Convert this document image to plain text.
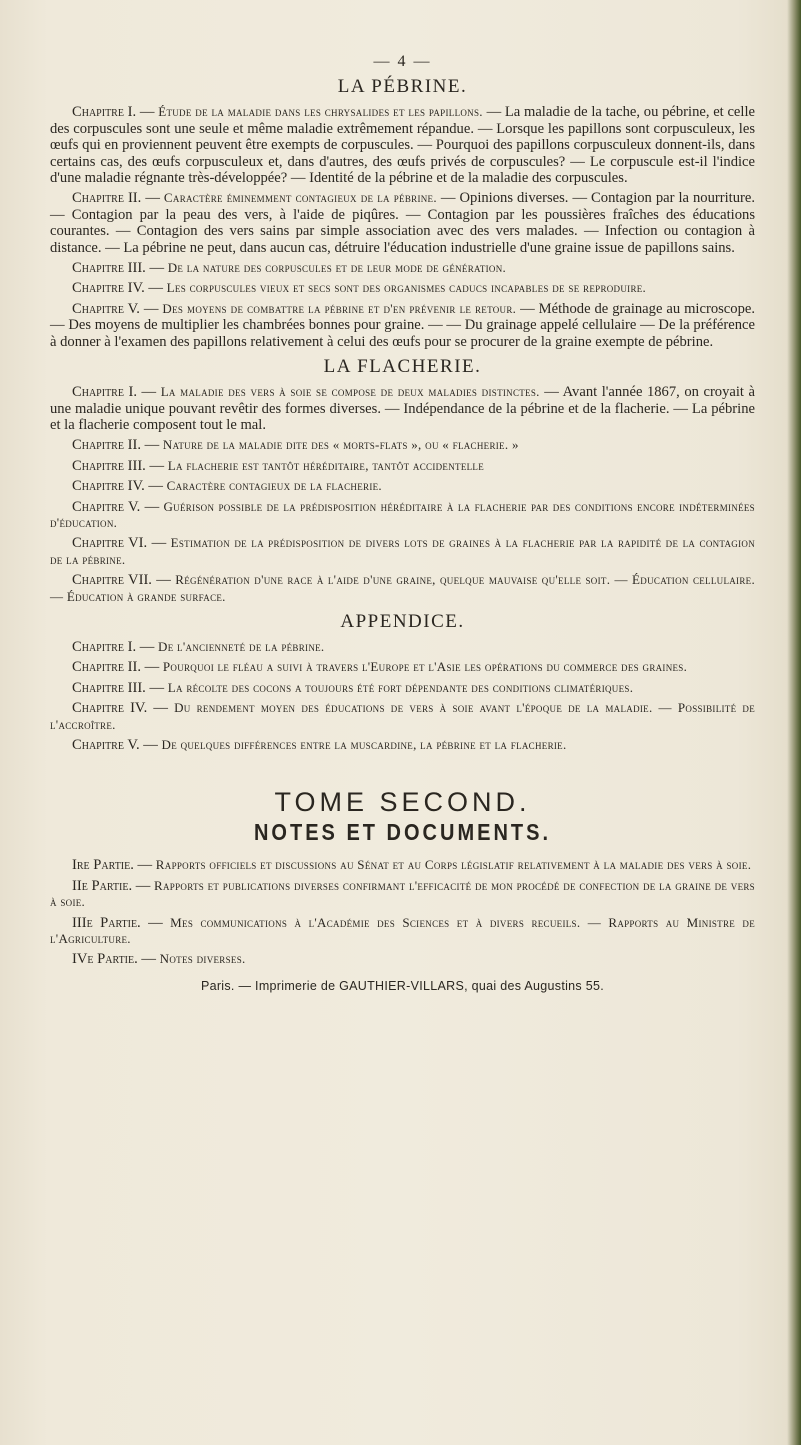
— 4 —
LA PÉBRINE.

Chapitre I. — Étude de la maladie dans les chrysalides et les papillons. — La maladie de la tache, ou pébrine, et celle des corpuscules sont une seule et même maladie extrêmement répandue. — Lorsque les papillons sont corpusculeux, les œufs qui en proviennent peuvent être exempts de corpuscules. — Pourquoi des papillons corpusculeux donnent-ils, dans certains cas, des œufs corpusculeux et, dans d'autres, des œufs privés de corpuscules? — Le corpuscule est-il l'indice d'une maladie régnante très-développée? — Identité de la pébrine et de la maladie des corpuscules.

Chapitre II. — Caractère éminemment contagieux de la pébrine. — Opinions diverses. — Contagion par la nourriture. — Contagion par la peau des vers, à l'aide de piqûres. — Contagion par les poussières fraîches des éducations courantes. — Contagion des vers sains par simple association avec des vers malades. — Infection ou contagion à distance. — La pébrine ne peut, dans aucun cas, détruire l'éducation industrielle d'une graine issue de papillons sains.

Chapitre III. — De la nature des corpuscules et de leur mode de génération.

Chapitre IV. — Les corpuscules vieux et secs sont des organismes caducs incapables de se reproduire.

Chapitre V. — Des moyens de combattre la pébrine et d'en prévenir le retour. — Méthode de grainage au microscope. — Des moyens de multiplier les chambrées bonnes pour graine. — — Du grainage appelé cellulaire — De la préférence à donner à l'examen des papillons relativement à celui des œufs pour se procurer de la graine exempte de pébrine.

LA FLACHERIE.

Chapitre I. — La maladie des vers à soie se compose de deux maladies distinctes. — Avant l'année 1867, on croyait à une maladie unique pouvant revêtir des formes diverses. — Indépendance de la pébrine et de la flacherie. — La pébrine et la flacherie composent tout le mal.

Chapitre II. — Nature de la maladie dite des « morts-flats », ou « flacherie. »

Chapitre III. — La flacherie est tantôt héréditaire, tantôt accidentelle

Chapitre IV. — Caractère contagieux de la flacherie.

Chapitre V. — Guérison possible de la prédisposition héréditaire à la flacherie par des conditions encore indéterminées d'éducation.

Chapitre VI. — Estimation de la prédisposition de divers lots de graines à la flacherie par la rapidité de la contagion de la pébrine.

Chapitre VII. — Régénération d'une race à l'aide d'une graine, quelque mauvaise qu'elle soit. — Éducation cellulaire. — Éducation à grande surface.

APPENDICE.

Chapitre I. — De l'ancienneté de la pébrine.

Chapitre II. — Pourquoi le fléau a suivi à travers l'Europe et l'Asie les opérations du commerce des graines.

Chapitre III. — La récolte des cocons a toujours été fort dépendante des conditions climatériques.

Chapitre IV. — Du rendement moyen des éducations de vers à soie avant l'époque de la maladie. — Possibilité de l'accroître.

Chapitre V. — De quelques différences entre la muscardine, la pébrine et la flacherie.

TOME SECOND.
NOTES ET DOCUMENTS.

Ire Partie. — Rapports officiels et discussions au Sénat et au Corps législatif relativement à la maladie des vers à soie.

IIe Partie. — Rapports et publications diverses confirmant l'efficacité de mon procédé de confection de la graine de vers à soie.

IIIe Partie. — Mes communications à l'Académie des Sciences et à divers recueils. — Rapports au Ministre de l'Agriculture.

IVe Partie. — Notes diverses.

Paris. — Imprimerie de GAUTHIER-VILLARS, quai des Augustins 55.
